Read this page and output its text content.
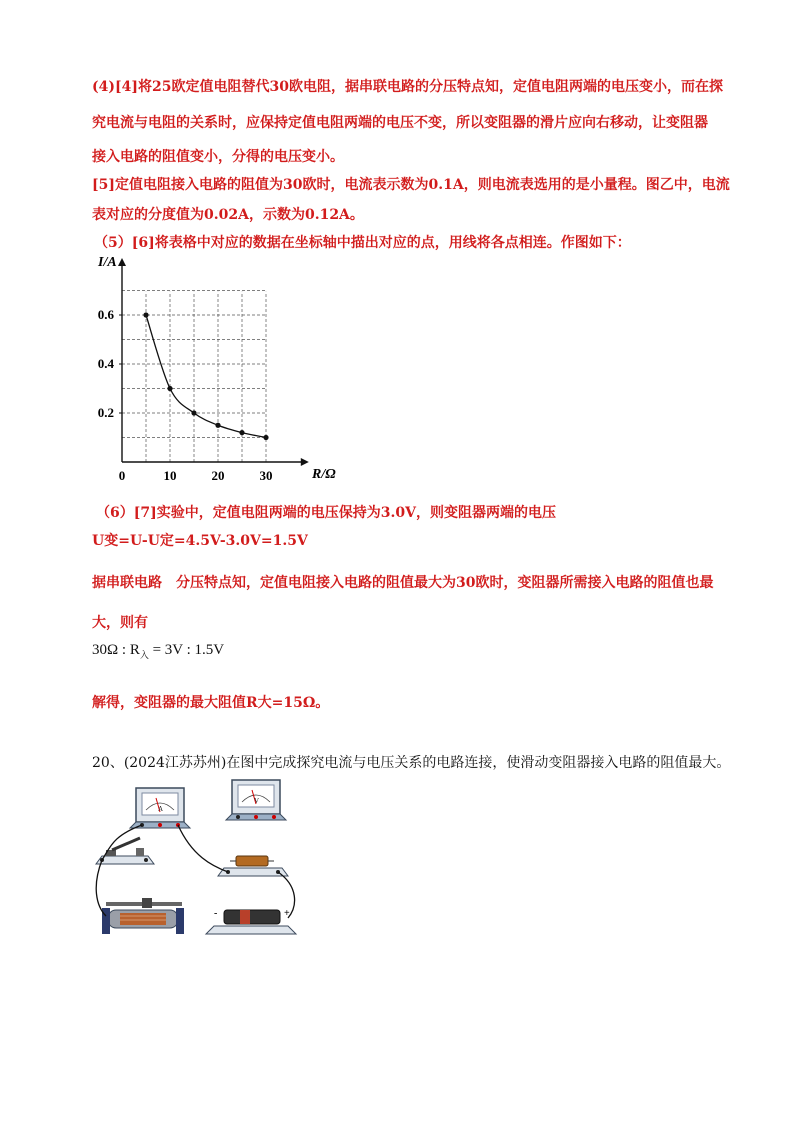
(4)[4]将25欧定值电阻替代30欧电阻，据串联电路的分压特点知，定值电阻两端的电压变小，而在探
究电流与电阻的关系时，应保持定值电阻两端的电压不变，所以变阻器的滑片应向右移动，让变阻器
接入电路的阻值变小，分得的电压变小。
[5]定值电阻接入电路的阻值为30欧时，电流表示数为0.1A，则电流表选用的是小量程。图乙中，电流
表对应的分度值为0.02A，示数为0.12A。
（5）[6]将表格中对应的数据在坐标轴中描出对应的点，用线将各点相连。作图如下：
0	10	20	30
0.2
0.4
0.6
I/A
R/Ω
（6）[7]实验中，定值电阻两端的电压保持为3.0V，则变阻器两端的电压
U变=U-U定=4.5V-3.0V=1.5V
据串联电路　分压特点知，定值电阻接入电路的阻值最大为30欧时，变阻器所需接入电路的阻值也最
大，则有
30Ω : $R_入 = 3V$ : 1.5V
解得，变阻器的最大阻值R大=15Ω。
20、(2024江苏苏州)在图中完成探究电流与电压关系的电路连接，使滑动变阻器接入电路的阻值最大。
A
V
-	+
